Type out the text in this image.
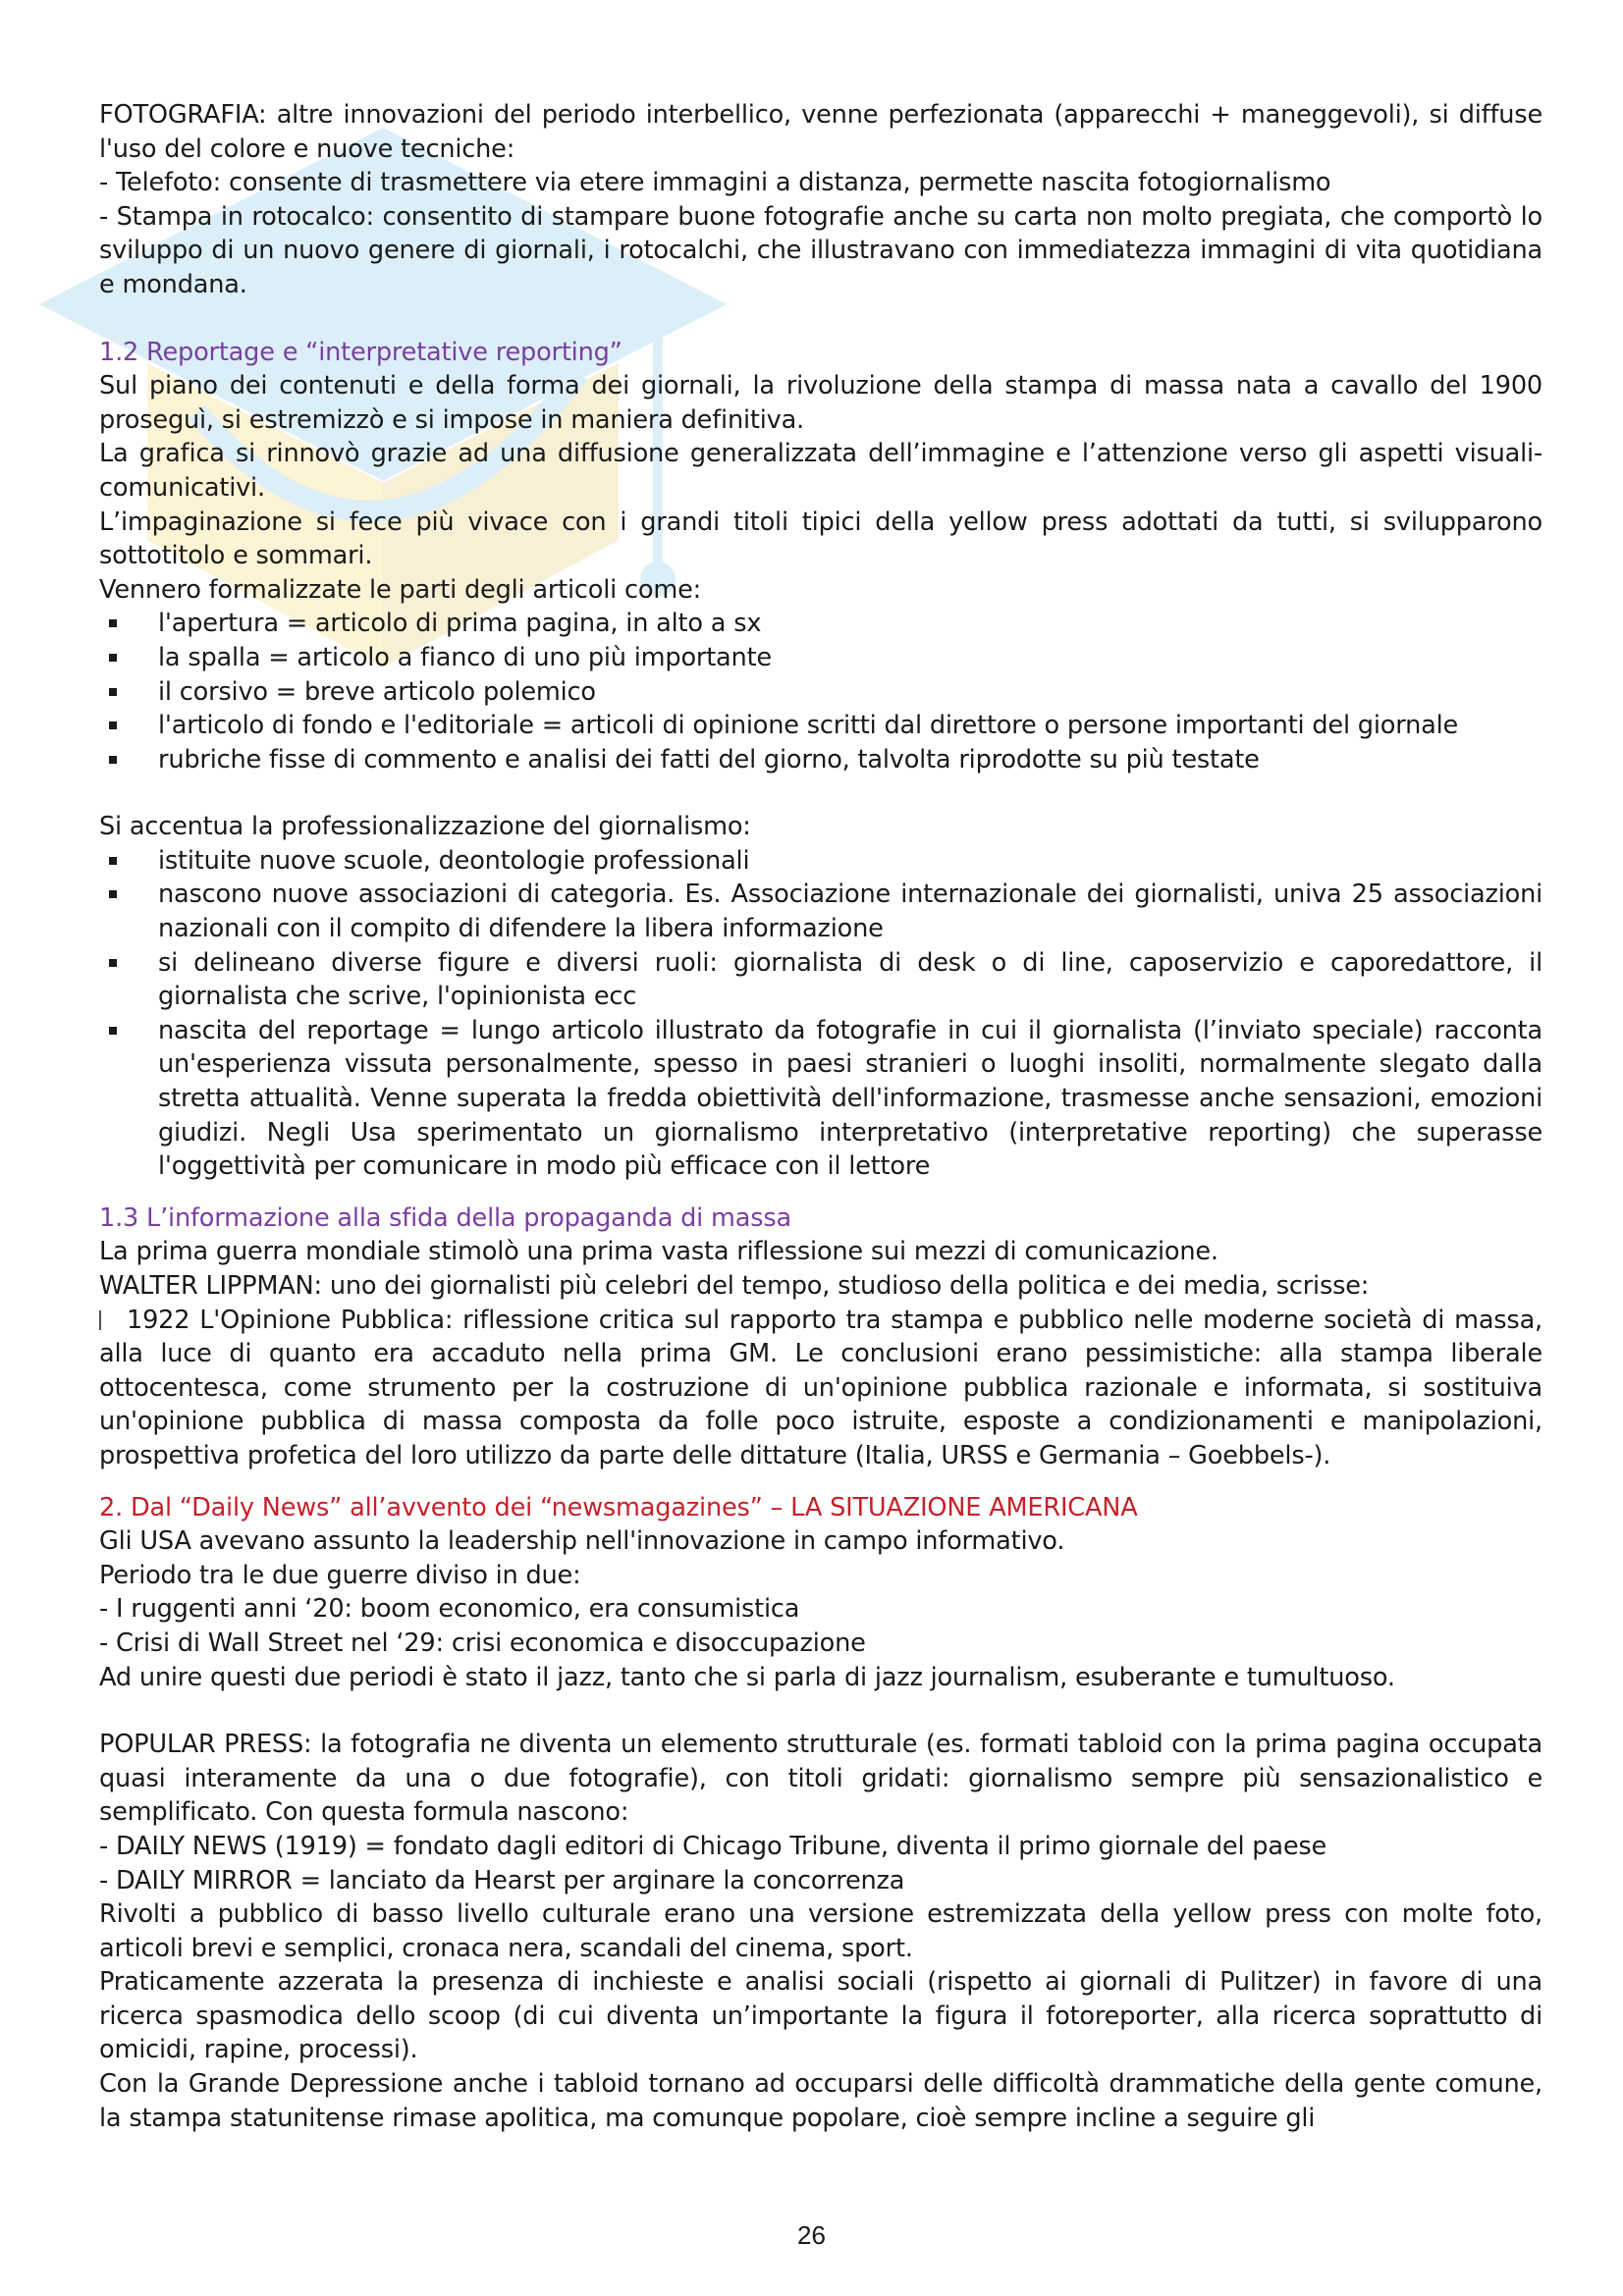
FOTOGRAFIA: altre innovazioni del periodo interbellico, venne perfezionata (apparecchi + maneggevoli), si diffuse l'uso del colore e nuove tecniche:

- Telefoto: consente di trasmettere via etere immagini a distanza, permette nascita fotogiornalismo

- Stampa in rotocalco: consentito di stampare buone fotografie anche su carta non molto pregiata, che comportò lo sviluppo di un nuovo genere di giornali, i rotocalchi, che illustravano con immediatezza immagini di vita quotidiana e mondana.

1.2 Reportage e “interpretative reporting”

Sul piano dei contenuti e della forma dei giornali, la rivoluzione della stampa di massa nata a cavallo del 1900 proseguì, si estremizzò e si impose in maniera definitiva.

La grafica si rinnovò grazie ad una diffusione generalizzata dell’immagine e l’attenzione verso gli aspetti visuali-comunicativi.

L’impaginazione si fece più vivace con i grandi titoli tipici della yellow press adottati da tutti, si svilupparono sottotitolo e sommari.

Vennero formalizzate le parti degli articoli come:

l'apertura = articolo di prima pagina, in alto a sx
la spalla = articolo a fianco di uno più importante
il corsivo = breve articolo polemico
l'articolo di fondo e l'editoriale = articoli di opinione scritti dal direttore o persone importanti del giornale
rubriche fisse di commento e analisi dei fatti del giorno, talvolta riprodotte su più testate

Si accentua la professionalizzazione del giornalismo:

istituite nuove scuole, deontologie professionali
nascono nuove associazioni di categoria. Es. Associazione internazionale dei giornalisti, univa 25 associazioni nazionali con il compito di difendere la libera informazione
si delineano diverse figure e diversi ruoli: giornalista di desk o di line, caposervizio e caporedattore, il giornalista che scrive, l'opinionista ecc
nascita del reportage = lungo articolo illustrato da fotografie in cui il giornalista (l’inviato speciale) racconta un'esperienza vissuta personalmente, spesso in paesi stranieri o luoghi insoliti, normalmente slegato dalla stretta attualità. Venne superata la fredda obiettività dell'informazione, trasmesse anche sensazioni, emozioni giudizi. Negli Usa sperimentato un giornalismo interpretativo (interpretative reporting) che superasse l'oggettività per comunicare in modo più efficace con il lettore
1.3 L’informazione alla sfida della propaganda di massa

La prima guerra mondiale stimolò una prima vasta riflessione sui mezzi di comunicazione.

WALTER LIPPMAN: uno dei giornalisti più celebri del tempo, studioso della politica e dei media, scrisse:

1922 L'Opinione Pubblica: riflessione critica sul rapporto tra stampa e pubblico nelle moderne società di massa, alla luce di quanto era accaduto nella prima GM. Le conclusioni erano pessimistiche: alla stampa liberale ottocentesca, come strumento per la costruzione di un'opinione pubblica razionale e informata, si sostituiva un'opinione pubblica di massa composta da folle poco istruite, esposte a condizionamenti e manipolazioni, prospettiva profetica del loro utilizzo da parte delle dittature (Italia, URSS e Germania – Goebbels-).

2. Dal “Daily News” all’avvento dei “newsmagazines” – LA SITUAZIONE AMERICANA

Gli USA avevano assunto la leadership nell'innovazione in campo informativo.

Periodo tra le due guerre diviso in due:

- I ruggenti anni ‘20: boom economico, era consumistica

- Crisi di Wall Street nel ‘29: crisi economica e disoccupazione

Ad unire questi due periodi è stato il jazz, tanto che si parla di jazz journalism, esuberante e tumultuoso.

POPULAR PRESS: la fotografia ne diventa un elemento strutturale (es. formati tabloid con la prima pagina occupata quasi interamente da una o due fotografie), con titoli gridati: giornalismo sempre più sensazionalistico e semplificato. Con questa formula nascono:

- DAILY NEWS (1919) = fondato dagli editori di Chicago Tribune, diventa il primo giornale del paese

- DAILY MIRROR = lanciato da Hearst per arginare la concorrenza

Rivolti a pubblico di basso livello culturale erano una versione estremizzata della yellow press con molte foto, articoli brevi e semplici, cronaca nera, scandali del cinema, sport.

Praticamente azzerata la presenza di inchieste e analisi sociali (rispetto ai giornali di Pulitzer) in favore di una ricerca spasmodica dello scoop (di cui diventa un’importante la figura il fotoreporter, alla ricerca soprattutto di omicidi, rapine, processi).

Con la Grande Depressione anche i tabloid tornano ad occuparsi delle difficoltà drammatiche della gente comune, la stampa statunitense rimase apolitica, ma comunque popolare, cioè sempre incline a seguire gli

26
